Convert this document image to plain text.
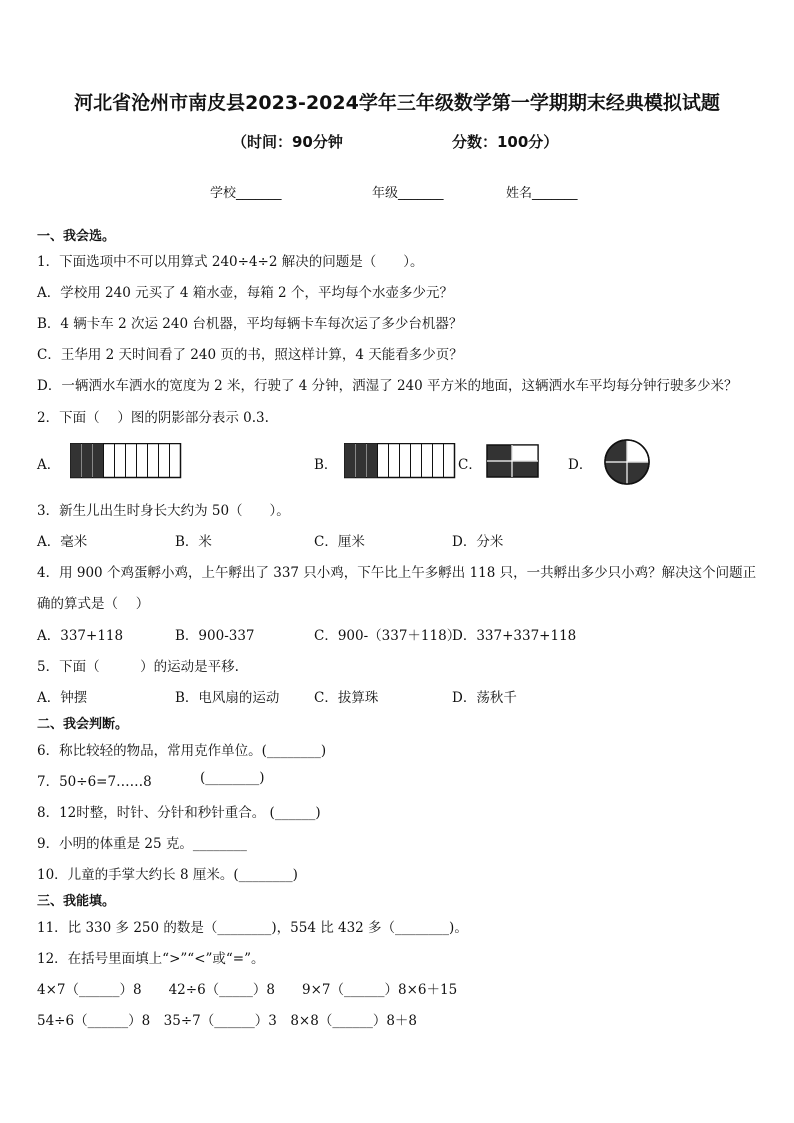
河北省沧州市南皮县2023-2024学年三年级数学第一学期期末经典模拟试题
（时间：90分钟	分数：100分）
学校_______	年级_______	姓名_______
一、我会选。
1．下面选项中不可以用算式 240÷4÷2 解决的问题是（　　）。
A．学校用 240 元买了 4 箱水壶，每箱 2 个，平均每个水壶多少元？
B．4 辆卡车 2 次运 240 台机器，平均每辆卡车每次运了多少台机器？
C．王华用 2 天时间看了 240 页的书，照这样计算，4 天能看多少页？
D．一辆洒水车洒水的宽度为 2 米，行驶了 4 分钟，洒湿了 240 平方米的地面，这辆洒水车平均每分钟行驶多少米？
2．下面（　 ）图的阴影部分表示 0.3.
A．	B．	C．	D．
3．新生儿出生时身长大约为 50（　　）。
A．毫米	B．米	C．厘米	D．分米
4．用 900 个鸡蛋孵小鸡，上午孵出了 337 只小鸡，下午比上午多孵出 118 只，一共孵出多少只小鸡？解决这个问题正
确的算式是（　 ）
A．337+118	B．900-337	C．900-（337＋118）
D．337+337+118
5．下面（　　　）的运动是平移.
A．钟摆	B．电风扇的运动	C．拔算珠	D．荡秋千
二、我会判断。
6．称比较轻的物品，常用克作单位。(________)
7．50÷6=7……8	(________)
8．12时整，时针、分针和秒针重合。 (______)
9．小明的体重是 25 克。________
10．儿童的手掌大约长 8 厘米。(________)
三、我能填。
11．比 330 多 250 的数是（________)，554 比 432 多（________)。
12．在括号里面填上“>”“<”或“=”。
4×7（______）8　　42÷6（_____）8　　9×7（______）8×6＋15
54÷6（______）8　35÷7（______）3　8×8（______）8＋8
